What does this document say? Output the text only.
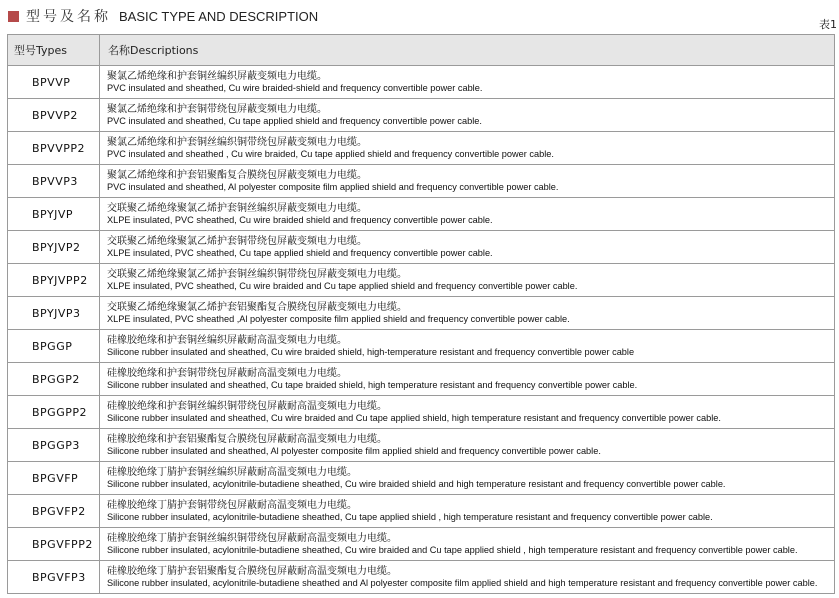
型号及名称 BASIC TYPE AND DESCRIPTION
表1
型号Types	名称Descriptions
BPVVP	聚氯乙烯绝缘和护套铜丝编织屏蔽变频电力电缆。
PVC insulated and sheathed, Cu wire braided-shield and frequency convertible power cable.

BPVVP2	聚氯乙烯绝缘和护套铜带绕包屏蔽变频电力电缆。
PVC insulated and sheathed, Cu tape applied shield and frequency convertible power cable.

BPVVPP2	聚氯乙烯绝缘和护套铜丝编织铜带绕包屏蔽变频电力电缆。
PVC insulated and sheathed , Cu wire braided, Cu tape applied shield and frequency convertible power cable.

BPVVP3	聚氯乙烯绝缘和护套铝聚酯复合膜绕包屏蔽变频电力电缆。
PVC insulated and sheathed, Al polyester composite film applied shield and frequency convertible power cable.

BPYJVP	交联聚乙烯绝缘聚氯乙烯护套铜丝编织屏蔽变频电力电缆。
XLPE insulated, PVC sheathed, Cu wire braided shield and frequency convertible power cable.

BPYJVP2	交联聚乙烯绝缘聚氯乙烯护套铜带绕包屏蔽变频电力电缆。
XLPE insulated, PVC sheathed, Cu tape applied shield and frequency convertible power cable.

BPYJVPP2	交联聚乙烯绝缘聚氯乙烯护套铜丝编织铜带绕包屏蔽变频电力电缆。
XLPE insulated, PVC sheathed, Cu wire braided and Cu tape applied shield and frequency convertible power cable.

BPYJVP3	交联聚乙烯绝缘聚氯乙烯护套铝聚酯复合膜绕包屏蔽变频电力电缆。
XLPE insulated, PVC sheathed ,Al polyester composite film applied shield and frequency convertible power cable.

BPGGP	硅橡胶绝缘和护套铜丝编织屏蔽耐高温变频电力电缆。
Silicone rubber insulated and sheathed, Cu wire braided shield, high-temperature resistant and frequency convertible power cable

BPGGP2	硅橡胶绝缘和护套铜带绕包屏蔽耐高温变频电力电缆。
Silicone rubber insulated and sheathed, Cu tape braided shield, high temperature resistant and frequency convertible power cable.

BPGGPP2	硅橡胶绝缘和护套铜丝编织铜带绕包屏蔽耐高温变频电力电缆。
Silicone rubber insulated and sheathed, Cu wire braided and Cu tape applied shield, high temperature resistant and frequency convertible power cable.

BPGGP3	硅橡胶绝缘和护套铝聚酯复合膜绕包屏蔽耐高温变频电力电缆。
Silicone rubber insulated and sheathed, Al polyester composite film applied shield and frequency convertible power cable.

BPGVFP	硅橡胶绝缘丁腈护套铜丝编织屏蔽耐高温变频电力电缆。
Silicone rubber insulated, acylonitrile-butadiene sheathed, Cu wire braided shield and high temperature resistant and frequency convertible power cable.

BPGVFP2	硅橡胶绝缘丁腈护套铜带绕包屏蔽耐高温变频电力电缆。
Silicone rubber insulated, acylonitrile-butadiene sheathed, Cu tape applied shield , high temperature resistant and frequency convertible power cable.

BPGVFPP2	硅橡胶绝缘丁腈护套铜丝编织铜带绕包屏蔽耐高温变频电力电缆。
Silicone rubber insulated, acylonitrile-butadiene sheathed, Cu wire braided and Cu tape applied shield , high temperature resistant and frequency convertible power cable.

BPGVFP3	硅橡胶绝缘丁腈护套铝聚酯复合膜绕包屏蔽耐高温变频电力电缆。
Silicone rubber insulated, acylonitrile-butadiene sheathed and Al polyester composite film applied shield and high temperature resistant and frequency convertible power cable.
